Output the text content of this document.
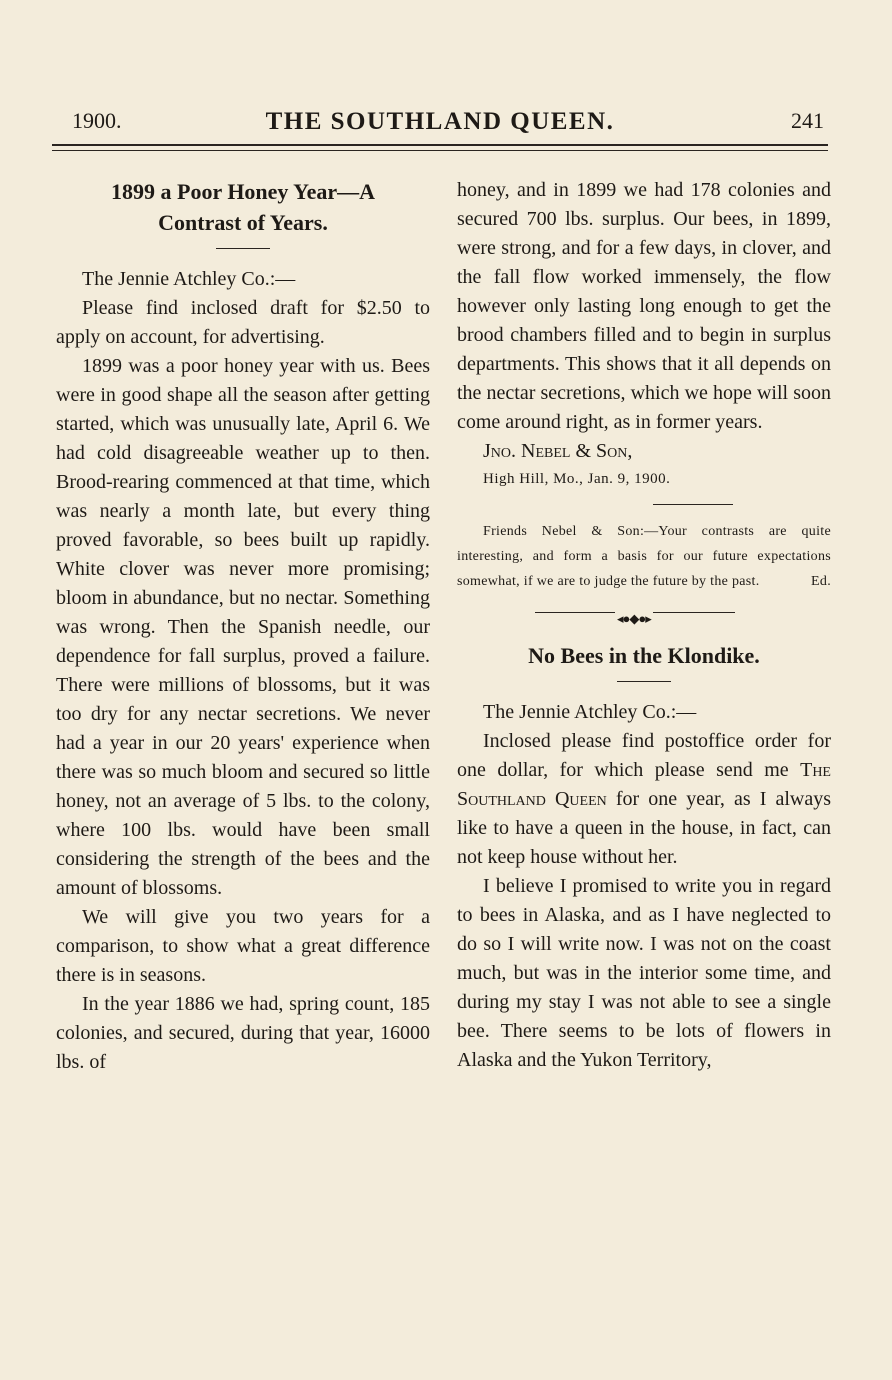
1900.	THE SOUTHLAND QUEEN.	241
1899 a Poor Honey Year—A
Contrast of Years.

The Jennie Atchley Co.:—

Please find inclosed draft for $2.50 to apply on account, for advertising.

1899 was a poor honey year with us. Bees were in good shape all the season after getting started, which was unusually late, April 6. We had cold disagreeable weather up to then. Brood-rearing commenced at that time, which was nearly a month late, but every thing proved favorable, so bees built up rapidly. White clover was never more promising; bloom in abundance, but no nectar. Something was wrong. Then the Spanish needle, our dependence for fall surplus, proved a failure. There were millions of blossoms, but it was too dry for any nectar secretions. We never had a year in our 20 years' experience when there was so much bloom and secured so little honey, not an average of 5 lbs. to the colony, where 100 lbs. would have been small considering the strength of the bees and the amount of blossoms.

We will give you two years for a comparison, to show what a great difference there is in seasons.

In the year 1886 we had, spring count, 185 colonies, and secured, during that year, 16000 lbs. of

honey, and in 1899 we had 178 colonies and secured 700 lbs. surplus. Our bees, in 1899, were strong, and for a few days, in clover, and the fall flow worked immensely, the flow however only lasting long enough to get the brood chambers filled and to begin in surplus departments. This shows that it all depends on the nectar secretions, which we hope will soon come around right, as in former years.

Jno. Nebel & Son,

High Hill, Mo., Jan. 9, 1900.

Friends Nebel & Son:—Your contrasts are quite interesting, and form a basis for our future expectations somewhat, if we are to judge the future by the past.	Ed.

◂●◆●▸
No Bees in the Klondike.

The Jennie Atchley Co.:—

Inclosed please find postoffice order for one dollar, for which please send me The Southland Queen for one year, as I always like to have a queen in the house, in fact, can not keep house without her.

I believe I promised to write you in regard to bees in Alaska, and as I have neglected to do so I will write now. I was not on the coast much, but was in the interior some time, and during my stay I was not able to see a single bee. There seems to be lots of flowers in Alaska and the Yukon Territory,
